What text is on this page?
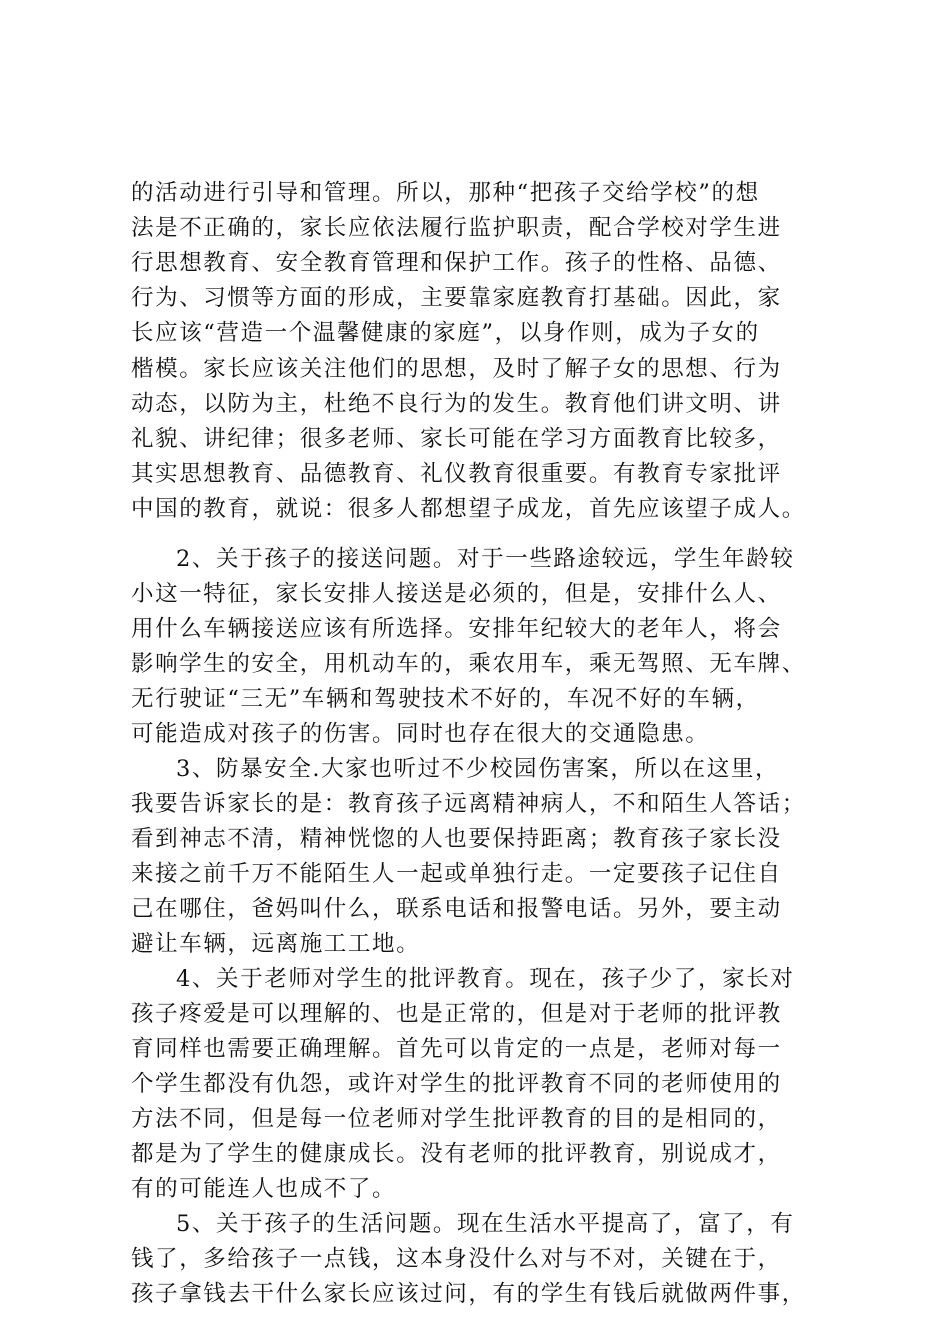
的活动进行引导和管理。所以，那种“把孩子交给学校”的想
法是不正确的，家长应依法履行监护职责，配合学校对学生进
行思想教育、安全教育管理和保护工作。孩子的性格、品德、
行为、习惯等方面的形成，主要靠家庭教育打基础。因此，家
长应该“营造一个温馨健康的家庭”，以身作则，成为子女的
楷模。家长应该关注他们的思想，及时了解子女的思想、行为
动态，以防为主，杜绝不良行为的发生。教育他们讲文明、讲
礼貌、讲纪律；很多老师、家长可能在学习方面教育比较多，
其实思想教育、品德教育、礼仪教育很重要。有教育专家批评
中国的教育，就说：很多人都想望子成龙，首先应该望子成人。
2、关于孩子的接送问题。对于一些路途较远，学生年龄较
小这一特征，家长安排人接送是必须的，但是，安排什么人、
用什么车辆接送应该有所选择。安排年纪较大的老年人，将会
影响学生的安全，用机动车的，乘农用车，乘无驾照、无车牌、
无行驶证“三无”车辆和驾驶技术不好的，车况不好的车辆，
可能造成对孩子的伤害。同时也存在很大的交通隐患。
3、防暴安全.大家也听过不少校园伤害案，所以在这里，
我要告诉家长的是：教育孩子远离精神病人，不和陌生人答话；
看到神志不清，精神恍惚的人也要保持距离；教育孩子家长没
来接之前千万不能陌生人一起或单独行走。一定要孩子记住自
己在哪住，爸妈叫什么，联系电话和报警电话。另外，要主动
避让车辆，远离施工工地。
4、关于老师对学生的批评教育。现在，孩子少了，家长对
孩子疼爱是可以理解的、也是正常的，但是对于老师的批评教
育同样也需要正确理解。首先可以肯定的一点是，老师对每一
个学生都没有仇怨，或许对学生的批评教育不同的老师使用的
方法不同，但是每一位老师对学生批评教育的目的是相同的，
都是为了学生的健康成长。没有老师的批评教育，别说成才，
有的可能连人也成不了。
5、关于孩子的生活问题。现在生活水平提高了，富了，有
钱了，多给孩子一点钱，这本身没什么对与不对，关键在于，
孩子拿钱去干什么家长应该过问，有的学生有钱后就做两件事，
